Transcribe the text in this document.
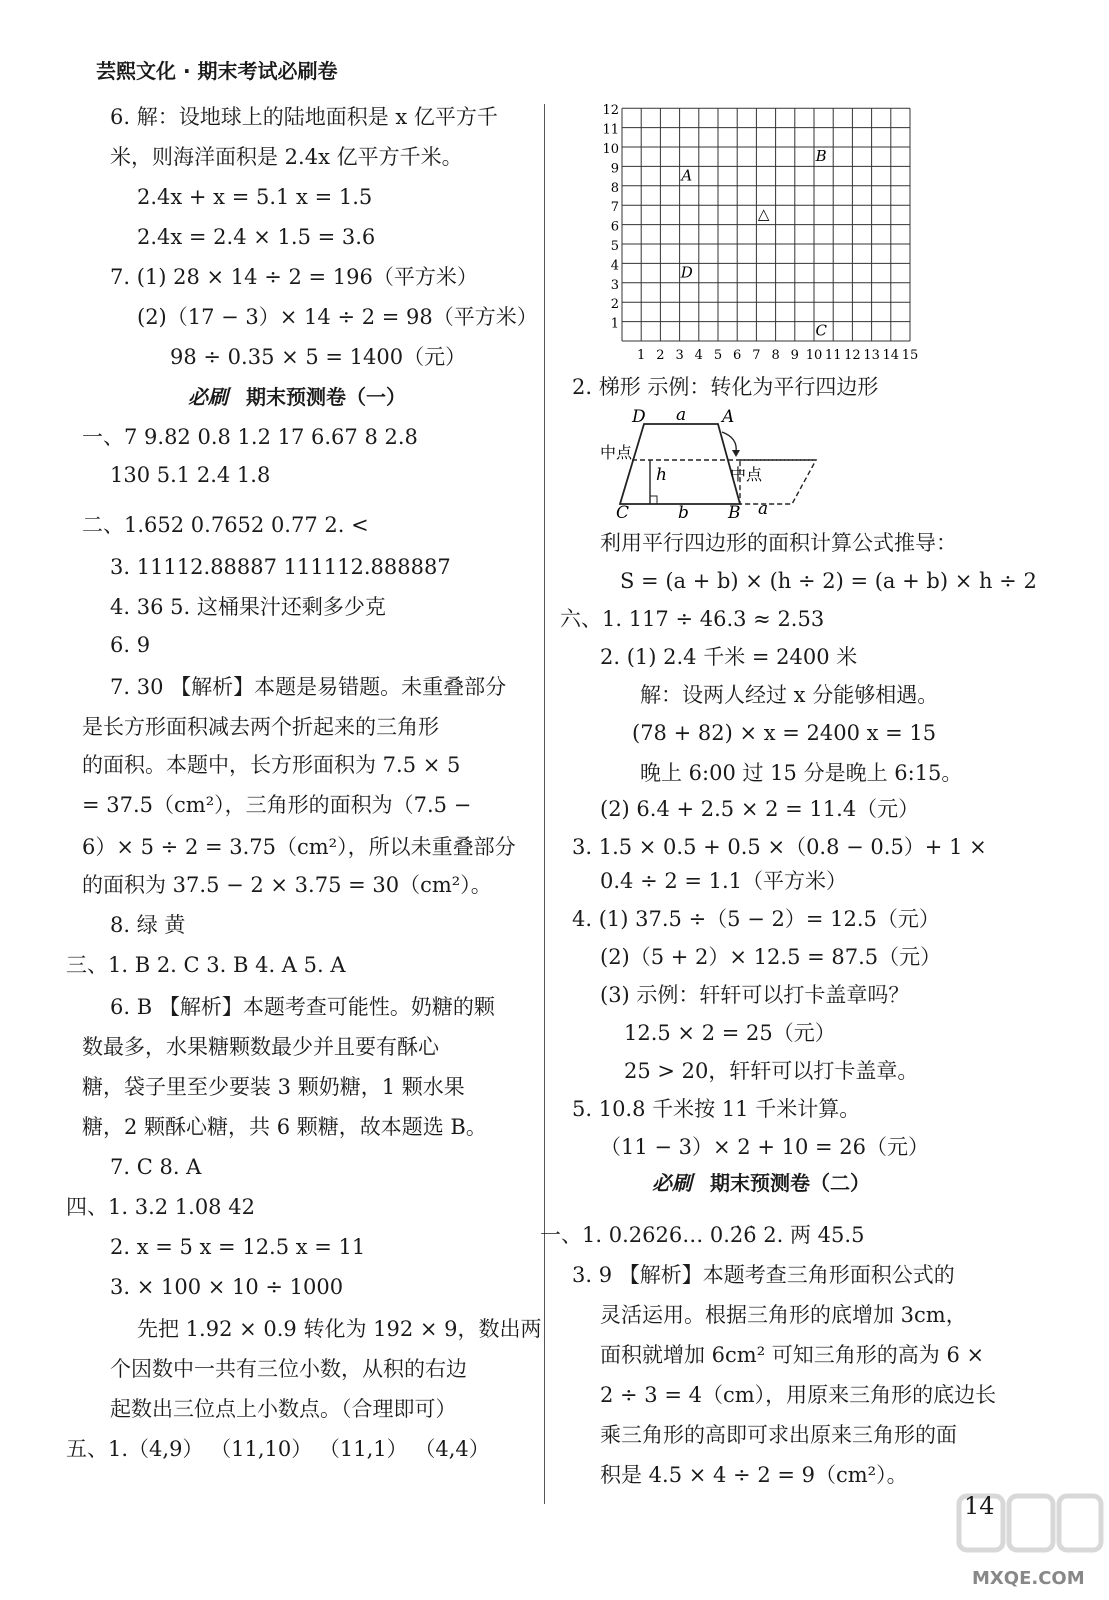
芸熙文化 · 期末考试必刷卷
6. 解：设地球上的陆地面积是 x 亿平方千
米，则海洋面积是 2.4x 亿平方千米。
2.4x + x = 5.1 x = 1.5
2.4x = 2.4 × 1.5 = 3.6
7. (1) 28 × 14 ÷ 2 = 196（平方米）
(2)（17 − 3）× 14 ÷ 2 = 98（平方米）
98 ÷ 0.35 × 5 = 1400（元）
必刷 期末预测卷（一）
一、7 9.82 0.8 1.2 17 6.67 8 2.8
130 5.1 2.4 1.8
二、1.652 0.7652 0.77 2. <
3. 11112.88887 111112.888887
4. 36 5. 这桶果汁还剩多少克
6. 9
7. 30 【解析】本题是易错题。未重叠部分
是长方形面积减去两个折起来的三角形
的面积。本题中，长方形面积为 7.5 × 5
= 37.5（cm²），三角形的面积为（7.5 −
6）× 5 ÷ 2 = 3.75（cm²），所以未重叠部分
的面积为 37.5 − 2 × 3.75 = 30（cm²）。
8. 绿 黄
三、1. B 2. C 3. B 4. A 5. A
6. B 【解析】本题考查可能性。奶糖的颗
数最多，水果糖颗数最少并且要有酥心
糖，袋子里至少要装 3 颗奶糖，1 颗水果
糖，2 颗酥心糖，共 6 颗糖，故本题选 B。
7. C 8. A
四、1. 3.2 1.08 42
2. x = 5 x = 12.5 x = 11
3. × 100 × 10 ÷ 1000
先把 1.92 × 0.9 转化为 192 × 9，数出两
个因数中一共有三位小数，从积的右边
起数出三位点上小数点。（合理即可）
五、1.（4,9） （11,10） （11,1） （4,4）
1
2
3
4
5
6
7
8
9
10
11
12
1 2 3 4 5 6 7 8 9 10 11 12 13 14 15
A
B
C
D
△
D a A
中点
h	中点
C	b B a
2. 梯形 示例：转化为平行四边形
利用平行四边形的面积计算公式推导：
S = (a + b) × (h ÷ 2) = (a + b) × h ÷ 2
六、1. 117 ÷ 46.3 ≈ 2.53
2. (1) 2.4 千米 = 2400 米
解：设两人经过 x 分能够相遇。
(78 + 82) × x = 2400 x = 15
晚上 6:00 过 15 分是晚上 6:15。
(2) 6.4 + 2.5 × 2 = 11.4（元）
3. 1.5 × 0.5 + 0.5 ×（0.8 − 0.5）+ 1 ×
0.4 ÷ 2 = 1.1（平方米）
4. (1) 37.5 ÷（5 − 2）= 12.5（元）
(2)（5 + 2）× 12.5 = 87.5（元）
(3) 示例：轩轩可以打卡盖章吗？
12.5 × 2 = 25（元）
25 > 20，轩轩可以打卡盖章。
5. 10.8 千米按 11 千米计算。
（11 − 3）× 2 + 10 = 26（元）
必刷 期末预测卷（二）
一、1. 0.2626… 0.2̇6̇ 2. 两 45.5
3. 9 【解析】本题考查三角形面积公式的
灵活运用。根据三角形的底增加 3cm，
面积就增加 6cm² 可知三角形的高为 6 ×
2 ÷ 3 = 4（cm），用原来三角形的底边长
乘三角形的高即可求出原来三角形的面
积是 4.5 × 4 ÷ 2 = 9（cm²）。
14
MXQE.COM
